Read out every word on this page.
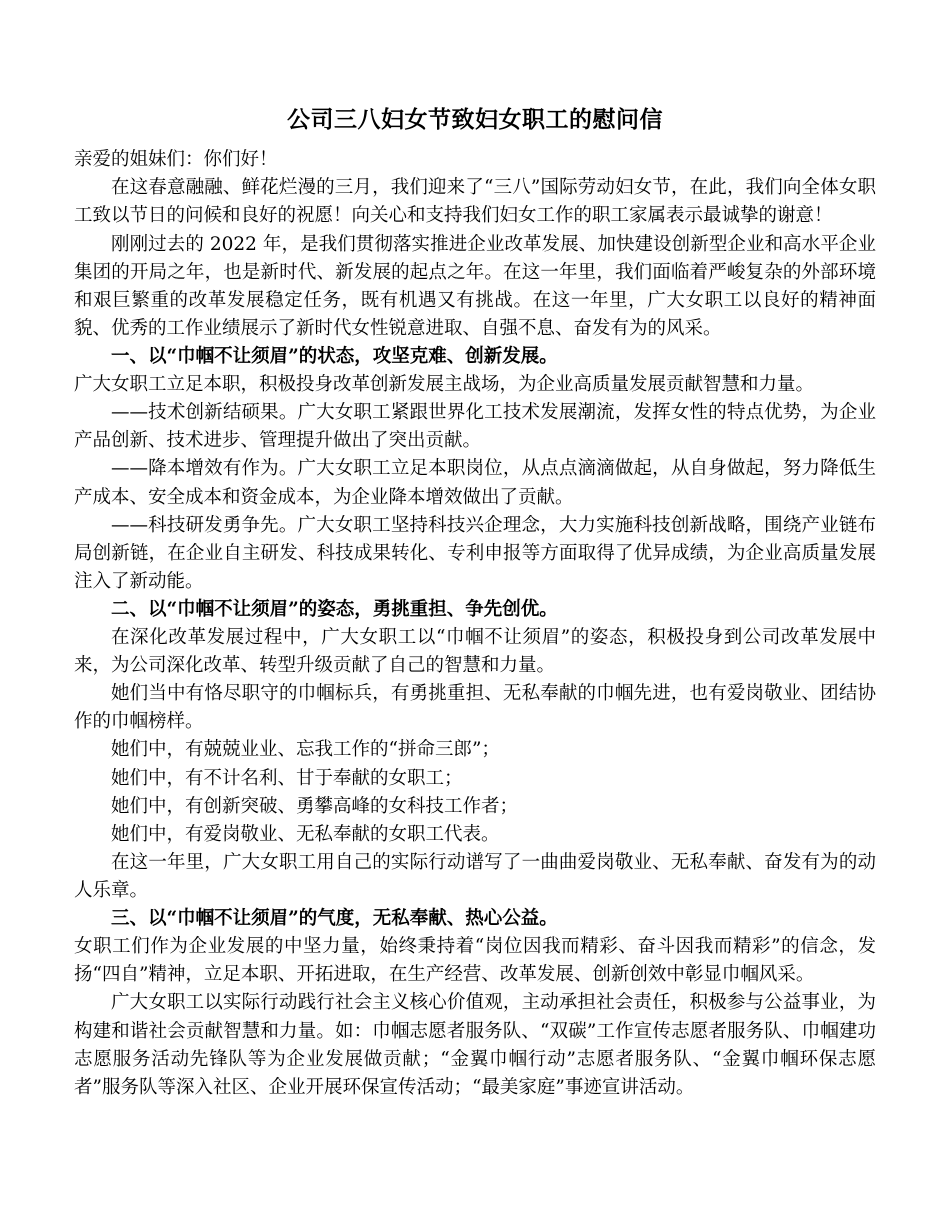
公司三八妇女节致妇女职工的慰问信

亲爱的姐妹们：你们好！

在这春意融融、鲜花烂漫的三月，我们迎来了“三八”国际劳动妇女节，在此，我们向全体女职工致以节日的问候和良好的祝愿！向关心和支持我们妇女工作的职工家属表示最诚挚的谢意！

刚刚过去的 2022 年，是我们贯彻落实推进企业改革发展、加快建设创新型企业和高水平企业集团的开局之年，也是新时代、新发展的起点之年。在这一年里，我们面临着严峻复杂的外部环境和艰巨繁重的改革发展稳定任务，既有机遇又有挑战。在这一年里，广大女职工以良好的精神面貌、优秀的工作业绩展示了新时代女性锐意进取、自强不息、奋发有为的风采。

一、以“巾帼不让须眉”的状态，攻坚克难、创新发展。

广大女职工立足本职，积极投身改革创新发展主战场，为企业高质量发展贡献智慧和力量。

——技术创新结硕果。广大女职工紧跟世界化工技术发展潮流，发挥女性的特点优势，为企业产品创新、技术进步、管理提升做出了突出贡献。

——降本增效有作为。广大女职工立足本职岗位，从点点滴滴做起，从自身做起，努力降低生产成本、安全成本和资金成本，为企业降本增效做出了贡献。

——科技研发勇争先。广大女职工坚持科技兴企理念，大力实施科技创新战略，围绕产业链布局创新链，在企业自主研发、科技成果转化、专利申报等方面取得了优异成绩，为企业高质量发展注入了新动能。

二、以“巾帼不让须眉”的姿态，勇挑重担、争先创优。

在深化改革发展过程中，广大女职工以“巾帼不让须眉”的姿态，积极投身到公司改革发展中来，为公司深化改革、转型升级贡献了自己的智慧和力量。

她们当中有恪尽职守的巾帼标兵，有勇挑重担、无私奉献的巾帼先进，也有爱岗敬业、团结协作的巾帼榜样。

她们中，有兢兢业业、忘我工作的“拼命三郎”；

她们中，有不计名利、甘于奉献的女职工；

她们中，有创新突破、勇攀高峰的女科技工作者；

她们中，有爱岗敬业、无私奉献的女职工代表。

在这一年里，广大女职工用自己的实际行动谱写了一曲曲爱岗敬业、无私奉献、奋发有为的动人乐章。

三、以“巾帼不让须眉”的气度，无私奉献、热心公益。

女职工们作为企业发展的中坚力量，始终秉持着“岗位因我而精彩、奋斗因我而精彩”的信念，发扬“四自”精神，立足本职、开拓进取，在生产经营、改革发展、创新创效中彰显巾帼风采。

广大女职工以实际行动践行社会主义核心价值观，主动承担社会责任，积极参与公益事业，为构建和谐社会贡献智慧和力量。如：巾帼志愿者服务队、“双碳”工作宣传志愿者服务队、巾帼建功志愿服务活动先锋队等为企业发展做贡献；“金翼巾帼行动”志愿者服务队、“金翼巾帼环保志愿者”服务队等深入社区、企业开展环保宣传活动；“最美家庭”事迹宣讲活动。
